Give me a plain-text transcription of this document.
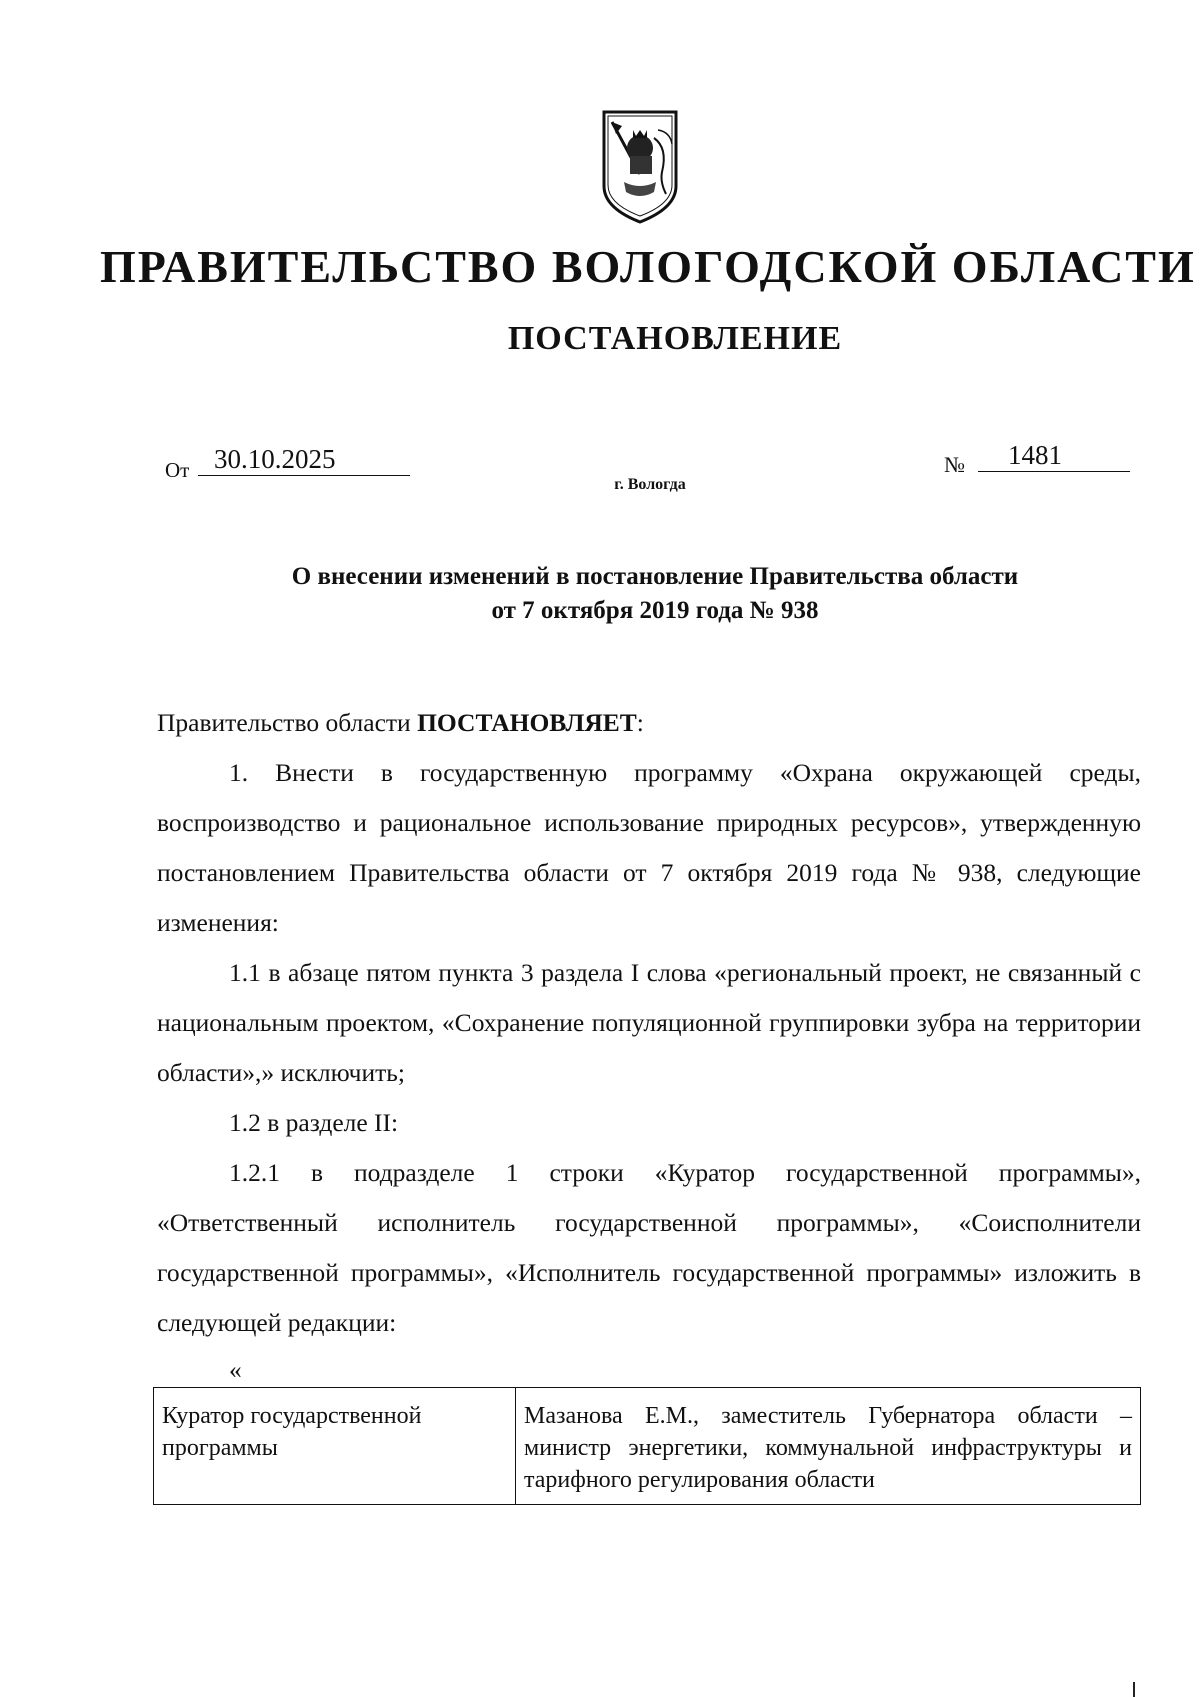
ПРАВИТЕЛЬСТВО ВОЛОГОДСКОЙ ОБЛАСТИ
ПОСТАНОВЛЕНИЕ
От 30.10.2025	№	1481
г. Вологда
О внесении изменений в постановление Правительства области
от 7 октября 2019 года № 938

Правительство области ПОСТАНОВЛЯЕТ:

1. Внести в государственную программу «Охрана окружающей среды, воспроизводство и рациональное использование природных ресурсов», утвержденную постановлением Правительства области от 7 октября 2019 года № 938, следующие изменения:

1.1 в абзаце пятом пункта 3 раздела I слова «региональный проект, не связанный с национальным проектом, «Сохранение популяционной группировки зубра на территории области»,» исключить;

1.2 в разделе II:

1.2.1 в подразделе 1 строки «Куратор государственной программы», «Ответственный исполнитель государственной программы», «Соисполнители государственной программы», «Исполнитель государственной программы» изложить в следующей редакции:

«

Куратор государственной программы	Мазанова Е.М., заместитель Губернатора области – министр энергетики, коммунальной инфраструктуры и тарифного регулирования области
